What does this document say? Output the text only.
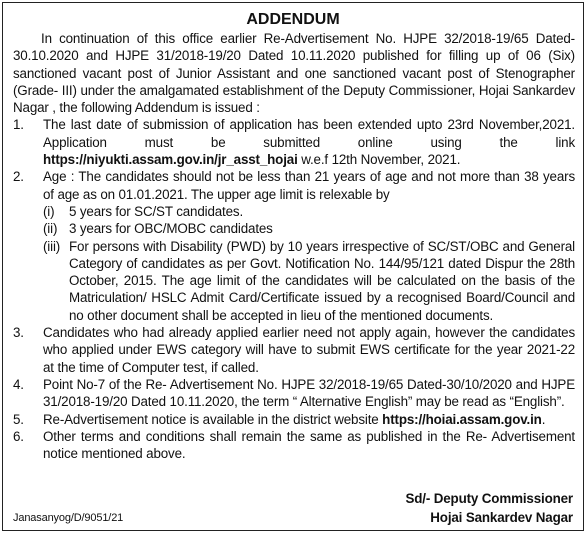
ADDENDUM
In continuation of this office earlier Re-Advertisement No. HJPE 32/2018-19/65 Dated-30.10.2020 and HJPE 31/2018-19/20 Dated 10.11.2020 published for filling up of 06 (Six) sanctioned vacant post of Junior Assistant and one sanctioned vacant post of Stenographer (Grade- III) under the amalgamated establishment of the Deputy Commissioner, Hojai Sankardev Nagar , the following Addendum is issued :
1. The last date of submission of application has been extended upto 23rd November,2021. Application must be submitted online using the link https://niyukti.assam.gov.in/jr_asst_hojai w.e.f 12th November, 2021.
2. Age : The candidates should not be less than 21 years of age and not more than 38 years of age as on 01.01.2021. The upper age limit is relexable by
(i) 5 years for SC/ST candidates.
(ii) 3 years for OBC/MOBC candidates
(iii) For persons with Disability (PWD) by 10 years irrespective of SC/ST/OBC and General Category of candidates as per Govt. Notification No. 144/95/121 dated Dispur the 28th October, 2015. The age limit of the candidates will be calculated on the basis of the Matriculation/ HSLC Admit Card/Certificate issued by a recognised Board/Council and no other document shall be accepted in lieu of the mentioned documents.
3. Candidates who had already applied earlier need not apply again, however the candidates who applied under EWS category will have to submit EWS certificate for the year 2021-22 at the time of Computer test, if called.
4. Point No-7 of the Re- Advertisement No. HJPE 32/2018-19/65 Dated-30/10/2020 and HJPE 31/2018-19/20 Dated 10.11.2020, the term “ Alternative English” may be read as “English”.
5. Re-Advertisement notice is available in the district website https://hoiai.assam.gov.in.
6. Other terms and conditions shall remain the same as published in the Re- Advertisement notice mentioned above.
Janasanyog/D/9051/21
Sd/- Deputy Commissioner
Hojai Sankardev Nagar
